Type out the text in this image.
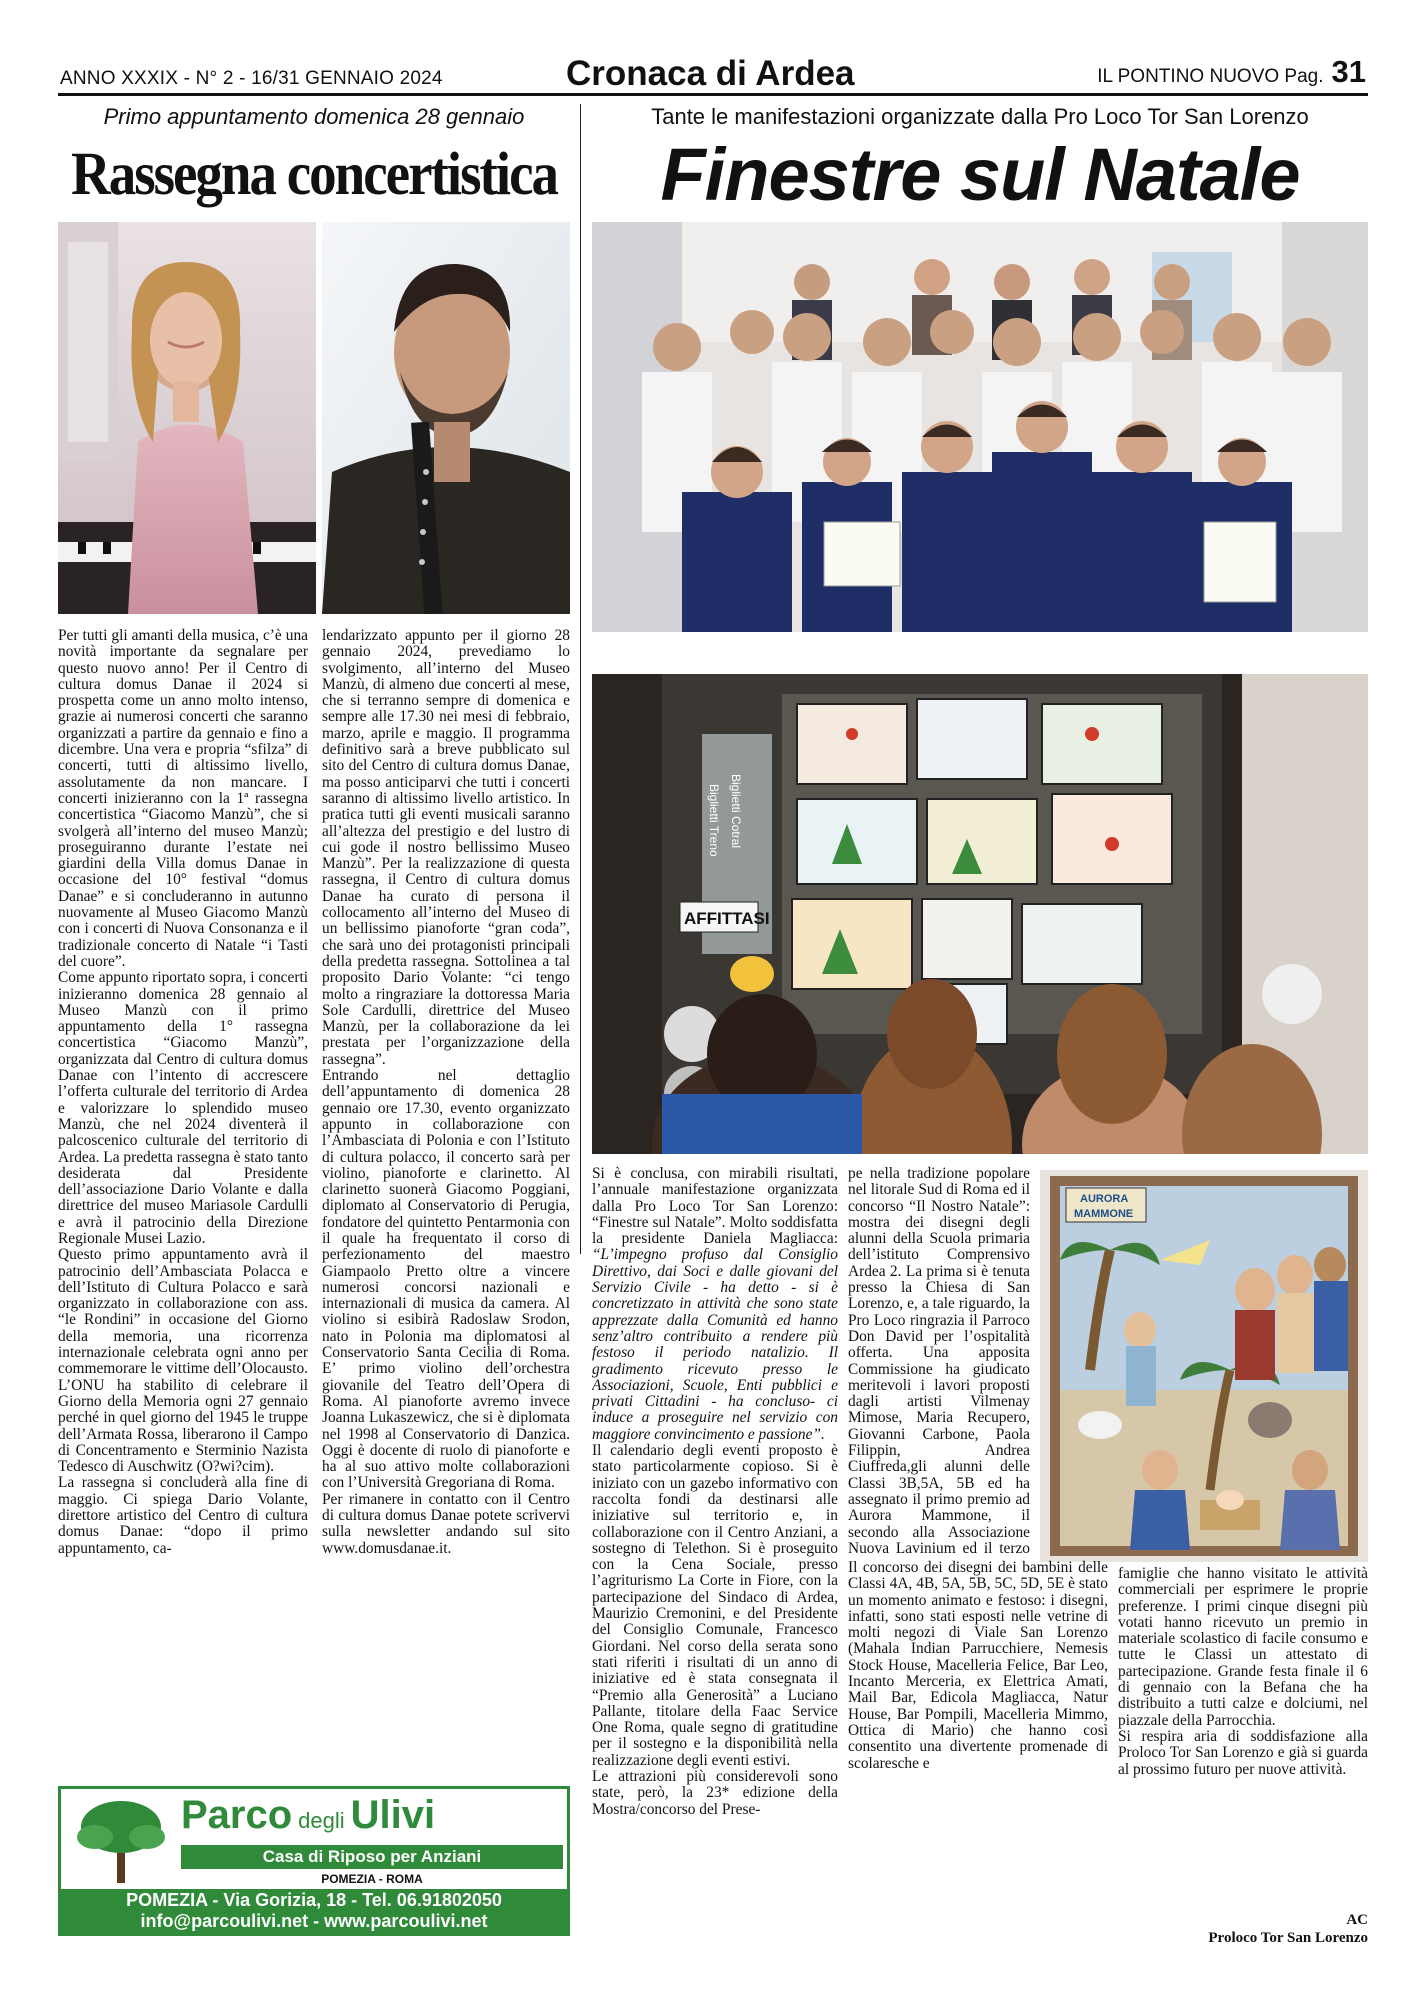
ANNO XXXIX - N° 2 - 16/31 GENNAIO 2024	Cronaca di Ardea	IL PONTINO NUOVO Pag. 31
Primo appuntamento domenica 28 gennaio
Rassegna concertistica
Tante le manifestazioni organizzate dalla Pro Loco Tor San Lorenzo
Finestre sul Natale
Biglietti Cotral
Biglietti Treno
AFFITTASI
AURORA
MAMMONE

Per tutti gli amanti della musica, c’è una novità importante da segnalare per questo nuovo anno! Per il Centro di cultura domus Danae il 2024 si prospetta come un anno molto intenso, grazie ai numerosi concerti che saranno organizzati a partire da gennaio e fino a dicembre. Una vera e propria “sfilza” di concerti, tutti di altissimo livello, assolutamente da non mancare. I concerti inizieranno con la 1ª rassegna concertistica “Giacomo Manzù”, che si svolgerà all’interno del museo Manzù; proseguiranno durante l’estate nei giardini della Villa domus Danae in occasione del 10° festival “domus Danae” e si concluderanno in autunno nuovamente al Museo Giacomo Manzù con i concerti di Nuova Consonanza e il tradizionale concerto di Natale “i Tasti del cuore”.

Come appunto riportato sopra, i concerti inizieranno domenica 28 gennaio al Museo Manzù con il primo appuntamento della 1° rassegna concertistica “Giacomo Manzù”, organizzata dal Centro di cultura domus Danae con l’intento di accrescere l’offerta culturale del territorio di Ardea e valorizzare lo splendido museo Manzù, che nel 2024 diventerà il palcoscenico culturale del territorio di Ardea. La predetta rassegna è stato tanto desiderata dal Presidente dell’associazione Dario Volante e dalla direttrice del museo Mariasole Cardulli e avrà il patrocinio della Direzione Regionale Musei Lazio.

Questo primo appuntamento avrà il patrocinio dell’Ambasciata Polacca e dell’Istituto di Cultura Polacco e sarà organizzato in collaborazione con ass. “le Rondini” in occasione del Giorno della memoria, una ricorrenza internazionale celebrata ogni anno per commemorare le vittime dell’Olocausto. L’ONU ha stabilito di celebrare il Giorno della Memoria ogni 27 gennaio perché in quel giorno del 1945 le truppe dell’Armata Rossa, liberarono il Campo di Concentramento e Sterminio Nazista Tedesco di Auschwitz (O?wi?cim).

La rassegna si concluderà alla fine di maggio. Ci spiega Dario Volante, direttore artistico del Centro di cultura domus Danae: “dopo il primo appuntamento, ca-

lendarizzato appunto per il giorno 28 gennaio 2024, prevediamo lo svolgimento, all’interno del Museo Manzù, di almeno due concerti al mese, che si terranno sempre di domenica e sempre alle 17.30 nei mesi di febbraio, marzo, aprile e maggio. Il programma definitivo sarà a breve pubblicato sul sito del Centro di cultura domus Danae, ma posso anticiparvi che tutti i concerti saranno di altissimo livello artistico. In pratica tutti gli eventi musicali saranno all’altezza del prestigio e del lustro di cui gode il nostro bellissimo Museo Manzù”. Per la realizzazione di questa rassegna, il Centro di cultura domus Danae ha curato di persona il collocamento all’interno del Museo di un bellissimo pianoforte “gran coda”, che sarà uno dei protagonisti principali della predetta rassegna. Sottolinea a tal proposito Dario Volante: “ci tengo molto a ringraziare la dottoressa Maria Sole Cardulli, direttrice del Museo Manzù, per la collaborazione da lei prestata per l’organizzazione della rassegna”.

Entrando nel dettaglio dell’appuntamento di domenica 28 gennaio ore 17.30, evento organizzato appunto in collaborazione con l’Ambasciata di Polonia e con l’Istituto di cultura polacco, il concerto sarà per violino, pianoforte e clarinetto. Al clarinetto suonerà Giacomo Poggiani, diplomato al Conservatorio di Perugia, fondatore del quintetto Pentarmonia con il quale ha frequentato il corso di perfezionamento del maestro Giampaolo Pretto oltre a vincere numerosi concorsi nazionali e internazionali di musica da camera. Al violino si esibirà Radoslaw Srodon, nato in Polonia ma diplomatosi al Conservatorio Santa Cecilia di Roma. E’ primo violino dell’orchestra giovanile del Teatro dell’Opera di Roma. Al pianoforte avremo invece Joanna Lukaszewicz, che si è diplomata nel 1998 al Conservatorio di Danzica. Oggi è docente di ruolo di pianoforte e ha al suo attivo molte collaborazioni con l’Università Gregoriana di Roma.

Per rimanere in contatto con il Centro di cultura domus Danae potete scrivervi sulla newsletter andando sul sito www.domusdanae.it.

Si è conclusa, con mirabili risultati, l’annuale manifestazione organizzata dalla Pro Loco Tor San Lorenzo: “Finestre sul Natale”. Molto soddisfatta la presidente Daniela Magliacca: “L’impegno profuso dal Consiglio Direttivo, dai Soci e dalle giovani del Servizio Civile - ha detto - si è concretizzato in attività che sono state apprezzate dalla Comunità ed hanno senz’altro contribuito a rendere più festoso il periodo natalizio. Il gradimento ricevuto presso le Associazioni, Scuole, Enti pubblici e privati Cittadini - ha concluso- ci induce a proseguire nel servizio con maggiore convincimento e passione”.

Il calendario degli eventi proposto è stato particolarmente copioso. Si è iniziato con un gazebo informativo con raccolta fondi da destinarsi alle iniziative sul territorio e, in collaborazione con il Centro Anziani, a sostegno di Telethon. Si è proseguito con la Cena Sociale, presso l’agriturismo La Corte in Fiore, con la partecipazione del Sindaco di Ardea, Maurizio Cremonini, e del Presidente del Consiglio Comunale, Francesco Giordani. Nel corso della serata sono stati riferiti i risultati di un anno di iniziative ed è stata consegnata il “Premio alla Generosità” a Luciano Pallante, titolare della Faac Service One Roma, quale segno di gratitudine per il sostegno e la disponibilità nella realizzazione degli eventi estivi.

Le attrazioni più considerevoli sono state, però, la 23* edizione della Mostra/concorso del Prese-

pe nella tradizione popolare nel litorale Sud di Roma ed il concorso “Il Nostro Natale”: mostra dei disegni degli alunni della Scuola primaria dell’istituto Comprensivo Ardea 2. La prima si è tenuta presso la Chiesa di San Lorenzo, e, a tale riguardo, la Pro Loco ringrazia il Parroco Don David per l’ospitalità offerta. Una apposita Commissione ha giudicato meritevoli i lavori proposti dagli artisti Vilmenay Mimose, Maria Recupero, Giovanni Carbone, Paola Filippin, Andrea Ciuffreda,gli alunni delle Classi 3B,5A, 5B ed ha assegnato il primo premio ad Aurora Mammone, il secondo alla Associazione Nuova Lavinium ed il terzo

Il concorso dei disegni dei bambini delle Classi 4A, 4B, 5A, 5B, 5C, 5D, 5E è stato un momento animato e festoso: i disegni, infatti, sono stati esposti nelle vetrine di molti negozi di Viale San Lorenzo (Mahala Indian Parrucchiere, Nemesis Stock House, Macelleria Felice, Bar Leo, Incanto Merceria, ex Elettrica Amati, Mail Bar, Edicola Magliacca, Natur House, Bar Pompili, Macelleria Mimmo, Ottica di Mario) che hanno così consentito una divertente promenade di scolaresche e

famiglie che hanno visitato le attività commerciali per esprimere le proprie preferenze. I primi cinque disegni più votati hanno ricevuto un premio in materiale scolastico di facile consumo e tutte le Classi un attestato di partecipazione. Grande festa finale il 6 di gennaio con la Befana che ha distribuito a tutti calze e dolciumi, nel piazzale della Parrocchia.

Si respira aria di soddisfazione alla Proloco Tor San Lorenzo e già si guarda al prossimo futuro per nuove attività.

AC
Proloco Tor San Lorenzo
Parco degli Ulivi
Casa di Riposo per Anziani
POMEZIA - ROMA
POMEZIA - Via Gorizia, 18 - Tel. 06.91802050
info@parcoulivi.net - www.parcoulivi.net
